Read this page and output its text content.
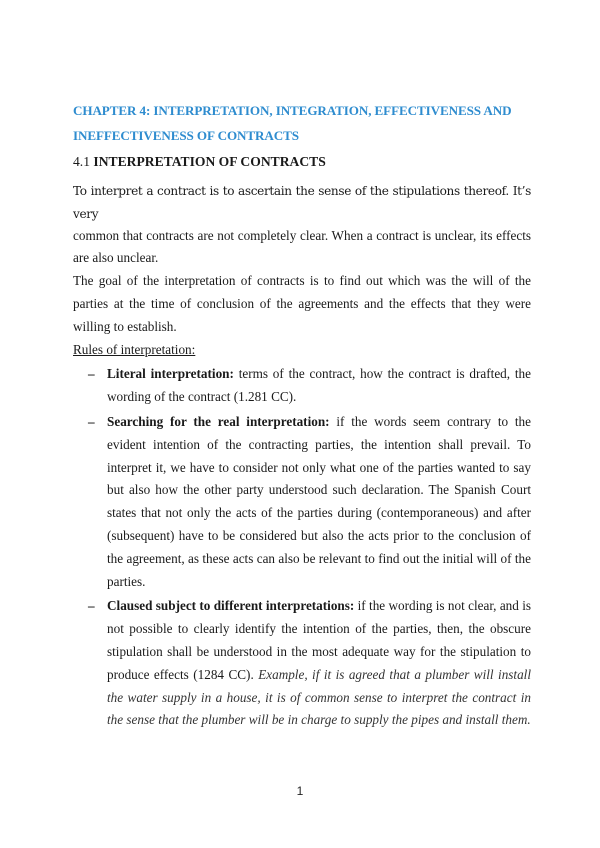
CHAPTER 4: INTERPRETATION, INTEGRATION, EFFECTIVENESS AND INEFFECTIVENESS OF CONTRACTS
4.1 INTERPRETATION OF CONTRACTS

To interpret a contract is to ascertain the sense of the stipulations thereof. It’s very

common that contracts are not completely clear. When a contract is unclear, its effects are also unclear.

The goal of the interpretation of contracts is to find out which was the will of the parties at the time of conclusion of the agreements and the effects that they were willing to establish.

Rules of interpretation:

– Literal interpretation: terms of the contract, how the contract is drafted, the wording of the contract (1.281 CC).
– Searching for the real interpretation: if the words seem contrary to the evident intention of the contracting parties, the intention shall prevail. To interpret it, we have to consider not only what one of the parties wanted to say but also how the other party understood such declaration. The Spanish Court states that not only the acts of the parties during (contemporaneous) and after (subsequent) have to be considered but also the acts prior to the conclusion of the agreement, as these acts can also be relevant to find out the initial will of the parties.
– Claused subject to different interpretations: if the wording is not clear, and is not possible to clearly identify the intention of the parties, then, the obscure stipulation shall be understood in the most adequate way for the stipulation to produce effects (1284 CC). Example, if it is agreed that a plumber will install the water supply in a house, it is of common sense to interpret the contract in the sense that the plumber will be in charge to supply the pipes and install them.
1
